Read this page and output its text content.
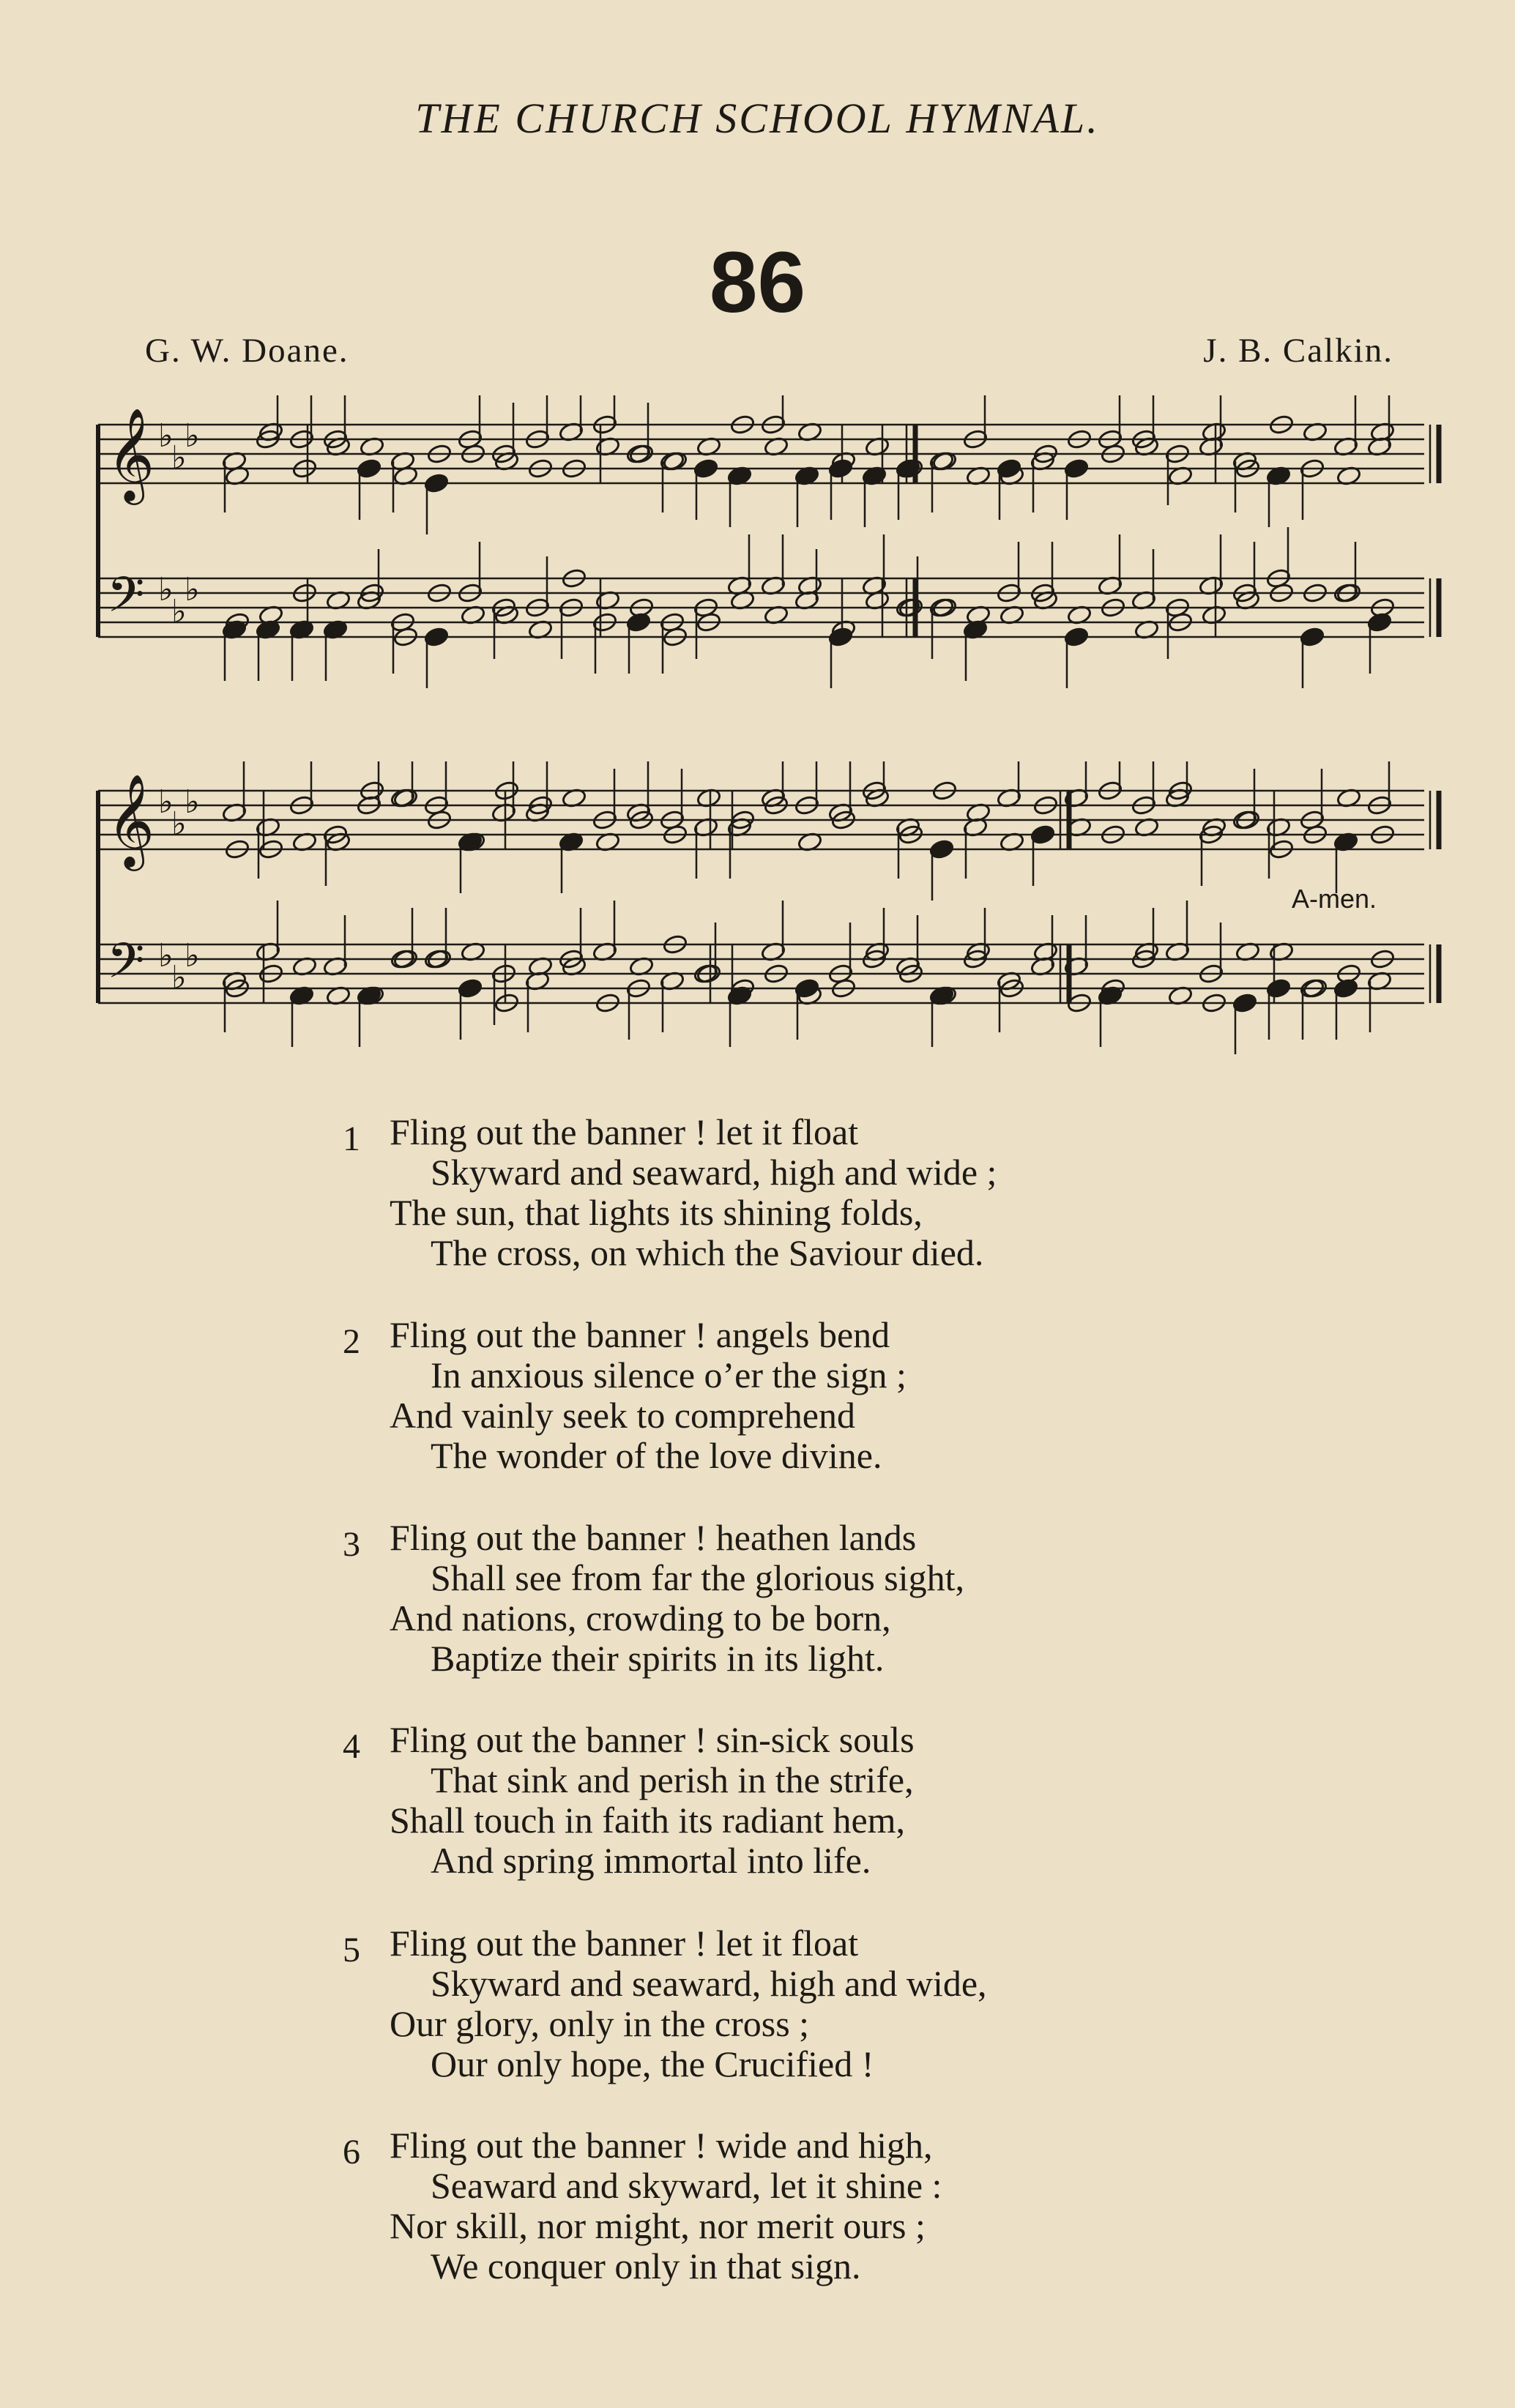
THE CHURCH SCHOOL HYMNAL.
86
G. W. Doane.	J. B. Calkin.
𝄞 ♭
♭
♭
𝄢 ♭
♭
♭
𝄞 ♭
♭
♭
𝄢 ♭
♭
♭
A-men.
1 Fling out the banner ! let it float
Skyward and seaward, high and wide ;
The sun, that lights its shining folds,
The cross, on which the Saviour died.
2 Fling out the banner ! angels bend
In anxious silence o’er the sign ;
And vainly seek to comprehend
The wonder of the love divine.
3 Fling out the banner ! heathen lands
Shall see from far the glorious sight,
And nations, crowding to be born,
Baptize their spirits in its light.
4 Fling out the banner ! sin-sick souls
That sink and perish in the strife,
Shall touch in faith its radiant hem,
And spring immortal into life.
5 Fling out the banner ! let it float
Skyward and seaward, high and wide,
Our glory, only in the cross ;
Our only hope, the Crucified !
6 Fling out the banner ! wide and high,
Seaward and skyward, let it shine :
Nor skill, nor might, nor merit ours ;
We conquer only in that sign.
